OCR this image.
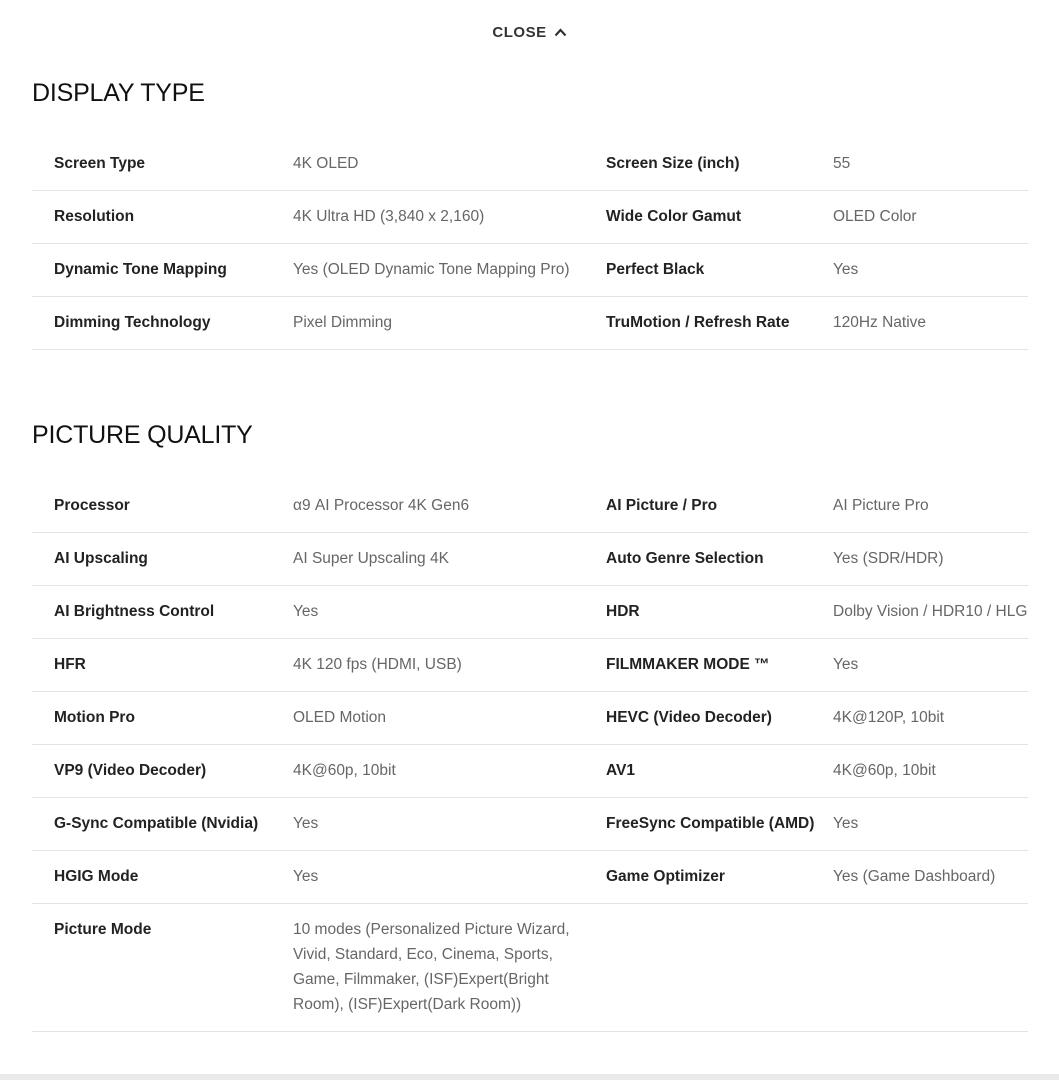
CLOSE
DISPLAY TYPE
Screen Type	4K OLED	Screen Size (inch)	55
Resolution	4K Ultra HD (3,840 x 2,160)	Wide Color Gamut	OLED Color
Dynamic Tone Mapping	Yes (OLED Dynamic Tone Mapping Pro)	Perfect Black	Yes
Dimming Technology	Pixel Dimming	TruMotion / Refresh Rate	120Hz Native
PICTURE QUALITY
Processor	α9 AI Processor 4K Gen6	AI Picture / Pro	AI Picture Pro
AI Upscaling	AI Super Upscaling 4K	Auto Genre Selection	Yes (SDR/HDR)
AI Brightness Control	Yes	HDR	Dolby Vision / HDR10 / HLG
HFR	4K 120 fps (HDMI, USB)	FILMMAKER MODE ™	Yes
Motion Pro	OLED Motion	HEVC (Video Decoder)	4K@120P, 10bit
VP9 (Video Decoder)	4K@60p, 10bit	AV1	4K@60p, 10bit
G-Sync Compatible (Nvidia)	Yes	FreeSync Compatible (AMD)	Yes
HGIG Mode	Yes	Game Optimizer	Yes (Game Dashboard)
Picture Mode	10 modes (Personalized Picture Wizard, Vivid, Standard, Eco, Cinema, Sports, Game, Filmmaker, (ISF)Expert(Bright Room), (ISF)Expert(Dark Room))		
